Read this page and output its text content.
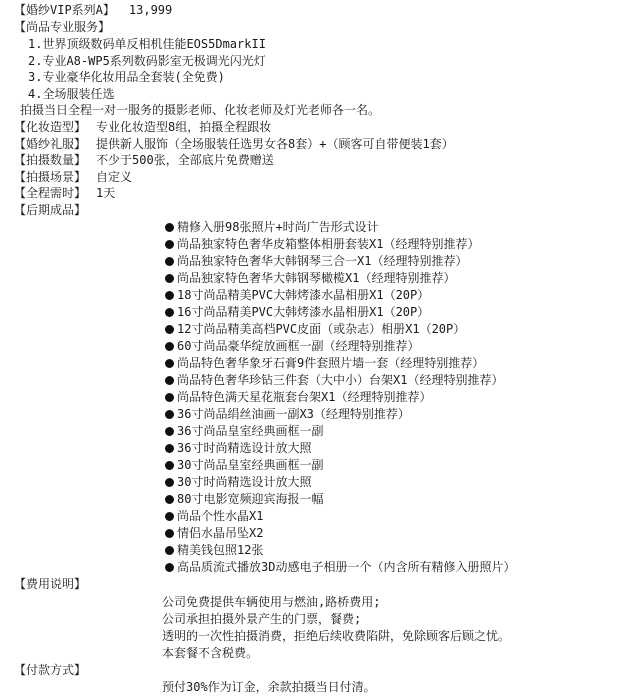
【婚纱VIP系列A】 13,999
【尚品专业服务】
1.世界顶级数码单反相机佳能EOS5DmarkII
2.专业A8-WP5系列数码影室无极调光闪光灯
3.专业豪华化妆用品全套装(全免费)
4.全场服装任选
拍摄当日全程一对一服务的摄影老师、化妆老师及灯光老师各一名。
【化妆造型】 专业化妆造型8组，拍摄全程跟妆
【婚纱礼服】 提供新人服饰（全场服装任选男女各8套）+（顾客可自带便装1套）
【拍摄数量】 不少于500张，全部底片免费赠送
【拍摄场景】 自定义
【全程需时】 1天
【后期成品】
精修入册98张照片+时尚广告形式设计
尚品独家特色奢华皮箱整体相册套装X1（经理特别推荐）
尚品独家特色奢华大韩钢琴三合一X1（经理特别推荐）
尚品独家特色奢华大韩钢琴橄榄X1（经理特别推荐）
18寸尚品精美PVC大韩烤漆水晶相册X1（20P）
16寸尚品精美PVC大韩烤漆水晶相册X1（20P）
12寸尚品精美高档PVC皮面（或杂志）相册X1（20P）
60寸尚品豪华绽放画框一副（经理特别推荐）
尚品特色奢华象牙石膏9件套照片墙一套（经理特别推荐）
尚品特色奢华珍钻三件套（大中小）台架X1（经理特别推荐）
尚品特色满天星花瓶套台架X1（经理特别推荐）
36寸尚品绢丝油画一副X3（经理特别推荐）
36寸尚品皇室经典画框一副
36寸时尚精选设计放大照
30寸尚品皇室经典画框一副
30寸时尚精选设计放大照
80寸电影宽频迎宾海报一幅
尚品个性水晶X1
情侣水晶吊坠X2
精美钱包照12张
高品质流式播放3D动感电子相册一个（内含所有精修入册照片）
【费用说明】
公司免费提供车辆使用与燃油,路桥费用;
公司承担拍摄外景产生的门票，餐费;
透明的一次性拍摄消费，拒绝后续收费陷阱，免除顾客后顾之忧。
本套餐不含税费。
【付款方式】
预付30%作为订金，余款拍摄当日付清。
